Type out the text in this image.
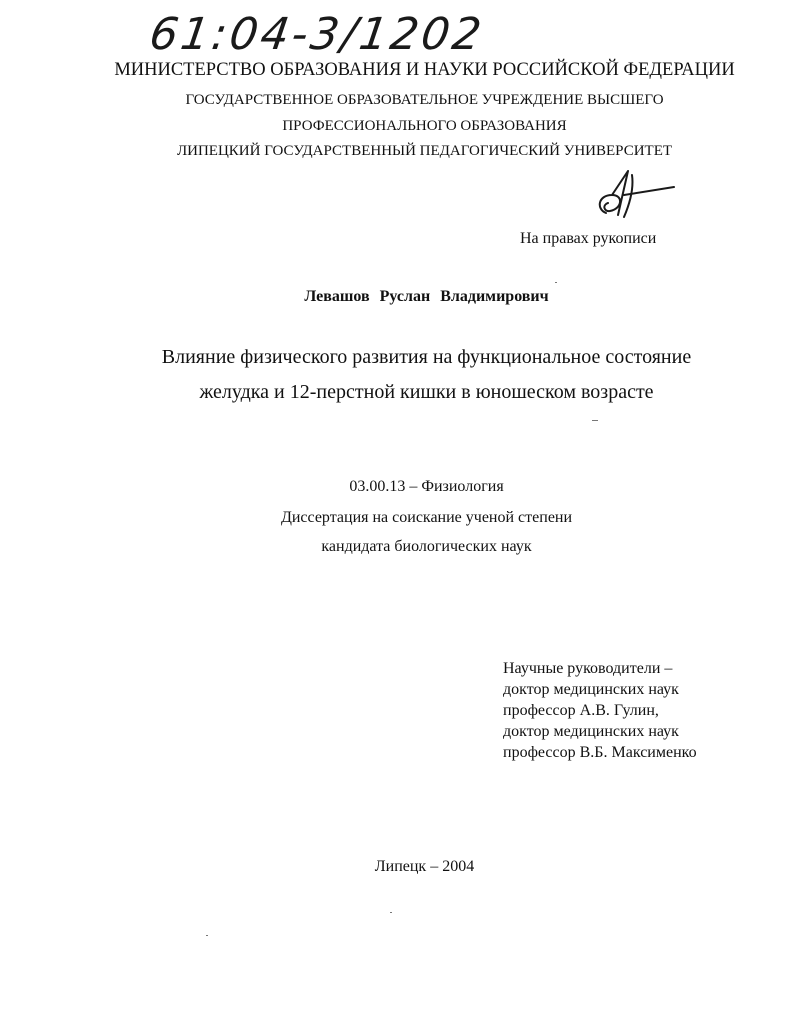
61:04-3/1202
МИНИСТЕРСТВО ОБРАЗОВАНИЯ И НАУКИ РОССИЙСКОЙ ФЕДЕРАЦИИ
ГОСУДАРСТВЕННОЕ ОБРАЗОВАТЕЛЬНОЕ УЧРЕЖДЕНИЕ ВЫСШЕГО
ПРОФЕССИОНАЛЬНОГО ОБРАЗОВАНИЯ
ЛИПЕЦКИЙ ГОСУДАРСТВЕННЫЙ ПЕДАГОГИЧЕСКИЙ УНИВЕРСИТЕТ
На правах рукописи
Левашов Руслан Владимирович
Влияние физического развития на функциональное состояние
желудка и 12-перстной кишки в юношеском возрасте
03.00.13 – Физиология
Диссертация на соискание ученой степени
кандидата биологических наук
Научные руководители –
доктор медицинских наук
профессор А.В. Гулин,
доктор медицинских наук
профессор В.Б. Максименко
Липецк – 2004
